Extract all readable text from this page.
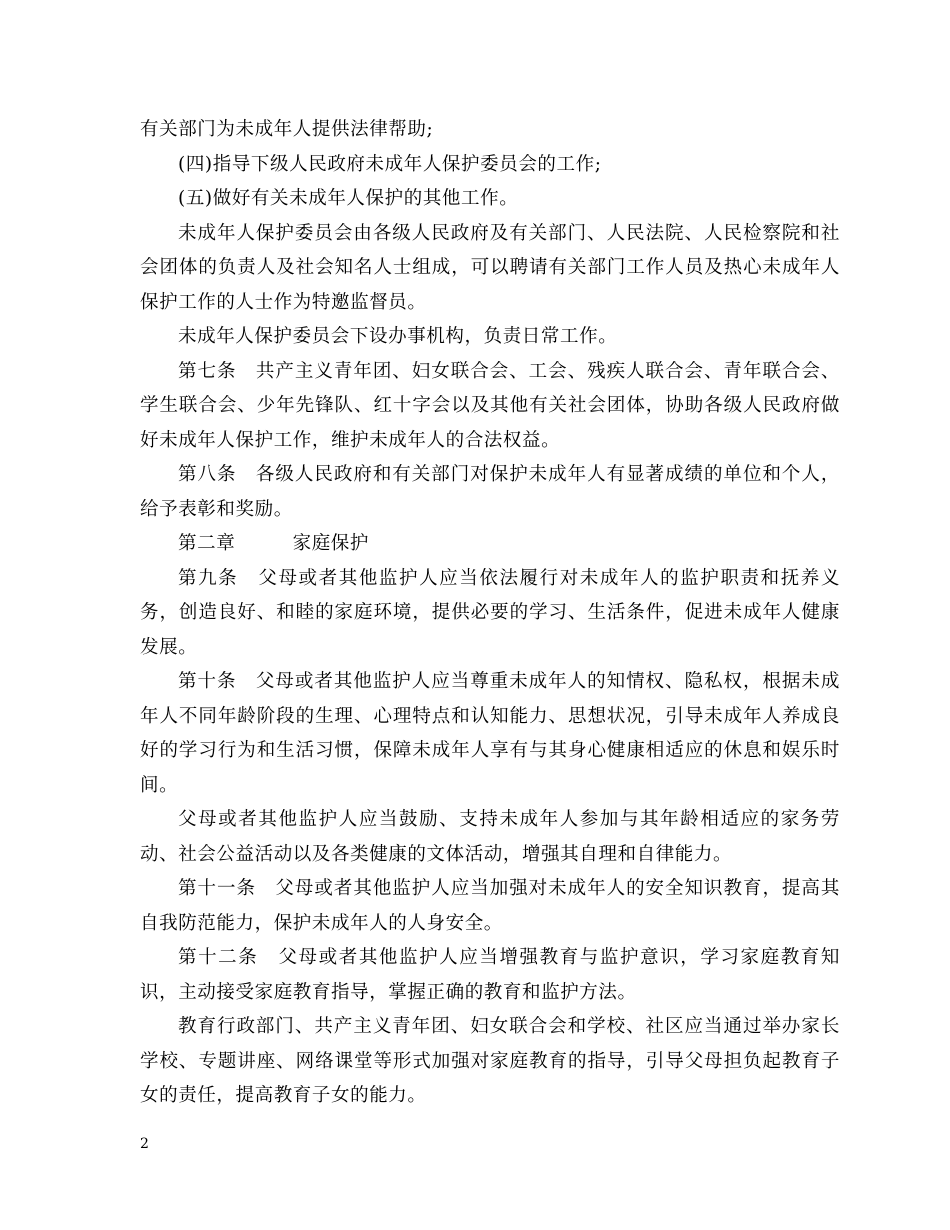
有关部门为未成年人提供法律帮助;

(四)指导下级人民政府未成年人保护委员会的工作;

(五)做好有关未成年人保护的其他工作。

未成年人保护委员会由各级人民政府及有关部门、人民法院、人民检察院和社会团体的负责人及社会知名人士组成，可以聘请有关部门工作人员及热心未成年人保护工作的人士作为特邀监督员。

未成年人保护委员会下设办事机构，负责日常工作。

第七条　共产主义青年团、妇女联合会、工会、残疾人联合会、青年联合会、学生联合会、少年先锋队、红十字会以及其他有关社会团体，协助各级人民政府做好未成年人保护工作，维护未成年人的合法权益。

第八条　各级人民政府和有关部门对保护未成年人有显著成绩的单位和个人，给予表彰和奖励。

第二章　　　家庭保护

第九条　父母或者其他监护人应当依法履行对未成年人的监护职责和抚养义务，创造良好、和睦的家庭环境，提供必要的学习、生活条件，促进未成年人健康发展。

第十条　父母或者其他监护人应当尊重未成年人的知情权、隐私权，根据未成年人不同年龄阶段的生理、心理特点和认知能力、思想状况，引导未成年人养成良好的学习行为和生活习惯，保障未成年人享有与其身心健康相适应的休息和娱乐时间。

父母或者其他监护人应当鼓励、支持未成年人参加与其年龄相适应的家务劳动、社会公益活动以及各类健康的文体活动，增强其自理和自律能力。

第十一条　父母或者其他监护人应当加强对未成年人的安全知识教育，提高其自我防范能力，保护未成年人的人身安全。

第十二条　父母或者其他监护人应当增强教育与监护意识，学习家庭教育知识，主动接受家庭教育指导，掌握正确的教育和监护方法。

教育行政部门、共产主义青年团、妇女联合会和学校、社区应当通过举办家长学校、专题讲座、网络课堂等形式加强对家庭教育的指导，引导父母担负起教育子女的责任，提高教育子女的能力。

2
